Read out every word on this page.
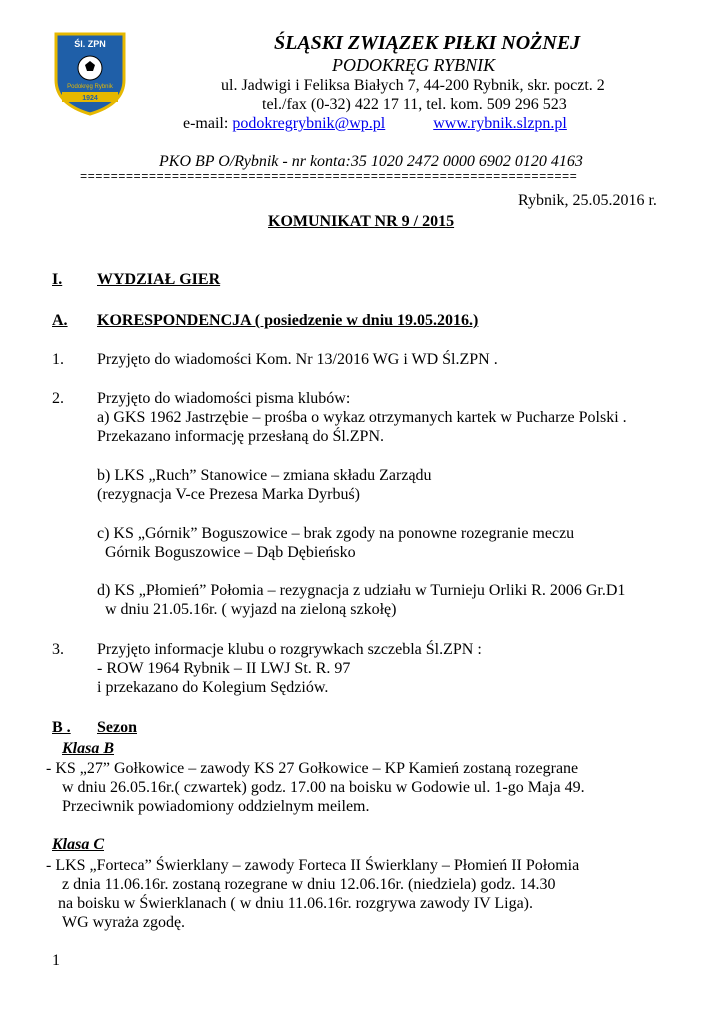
Śl. ZPN
Podokręg Rybnik
1924
ŚLĄSKI ZWIĄZEK PIŁKI NOŻNEJ
PODOKRĘG RYBNIK
ul. Jadwigi i Feliksa Białych 7, 44-200 Rybnik, skr. poczt. 2
tel./fax (0-32) 422 17 11, tel. kom. 509 296 523
e-mail: podokregrybnik@wp.pl	www.rybnik.slzpn.pl
PKO BP O/Rybnik - nr konta:35 1020 2472 0000 6902 0120 4163
=================================================================
Rybnik, 25.05.2016 r.
KOMUNIKAT NR 9 / 2015
I. WYDZIAŁ GIER
A. KORESPONDENCJA ( posiedzenie w dniu 19.05.2016.)
1. Przyjęto do wiadomości Kom. Nr 13/2016 WG i WD Śl.ZPN .
2. Przyjęto do wiadomości pisma klubów:
a) GKS 1962 Jastrzębie – prośba o wykaz otrzymanych kartek w Pucharze Polski .
Przekazano informację przesłaną do Śl.ZPN.
b) LKS „Ruch” Stanowice – zmiana składu Zarządu
(rezygnacja V-ce Prezesa Marka Dyrbuś)
c) KS „Górnik” Boguszowice – brak zgody na ponowne rozegranie meczu
Górnik Boguszowice – Dąb Dębieńsko
d) KS „Płomień” Połomia – rezygnacja z udziału w Turnieju Orliki R. 2006 Gr.D1
w dniu 21.05.16r. ( wyjazd na zieloną szkołę)
3. Przyjęto informacje klubu o rozgrywkach szczebla Śl.ZPN :
- ROW 1964 Rybnik – II LWJ St. R. 97
i przekazano do Kolegium Sędziów.
B . Sezon
Klasa B
- KS „27” Gołkowice – zawody KS 27 Gołkowice – KP Kamień zostaną rozegrane
w dniu 26.05.16r.( czwartek) godz. 17.00 na boisku w Godowie ul. 1-go Maja 49.
Przeciwnik powiadomiony oddzielnym meilem.
Klasa C
- LKS „Forteca” Świerklany – zawody Forteca II Świerklany – Płomień II Połomia
z dnia 11.06.16r. zostaną rozegrane w dniu 12.06.16r. (niedziela) godz. 14.30
na boisku w Świerklanach ( w dniu 11.06.16r. rozgrywa zawody IV Liga).
WG wyraża zgodę.
1
